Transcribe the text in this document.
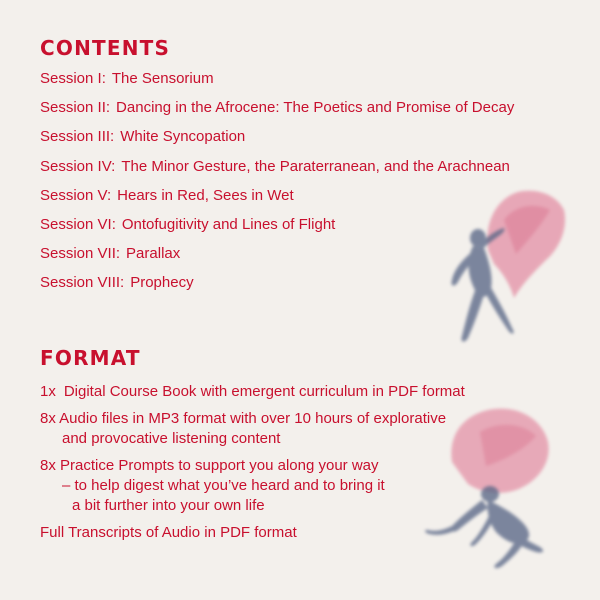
CONTENTS
Session I: The Sensorium
Session II: Dancing in the Afrocene: The Poetics and Promise of Decay
Session III: White Syncopation
Session IV: The Minor Gesture, the Paraterranean, and the Arachnean
Session V: Hears in Red, Sees in Wet
Session VI: Ontofugitivity and Lines of Flight
Session VII: Parallax
Session VIII: Prophecy
FORMAT
1x Digital Course Book with emergent curriculum in PDF format
8x Audio files in MP3 format with over 10 hours of explorative
and provocative listening content
8x Practice Prompts to support you along your way
– to help digest what you’ve heard and to bring it
a bit further into your own life
Full Transcripts of Audio in PDF format
